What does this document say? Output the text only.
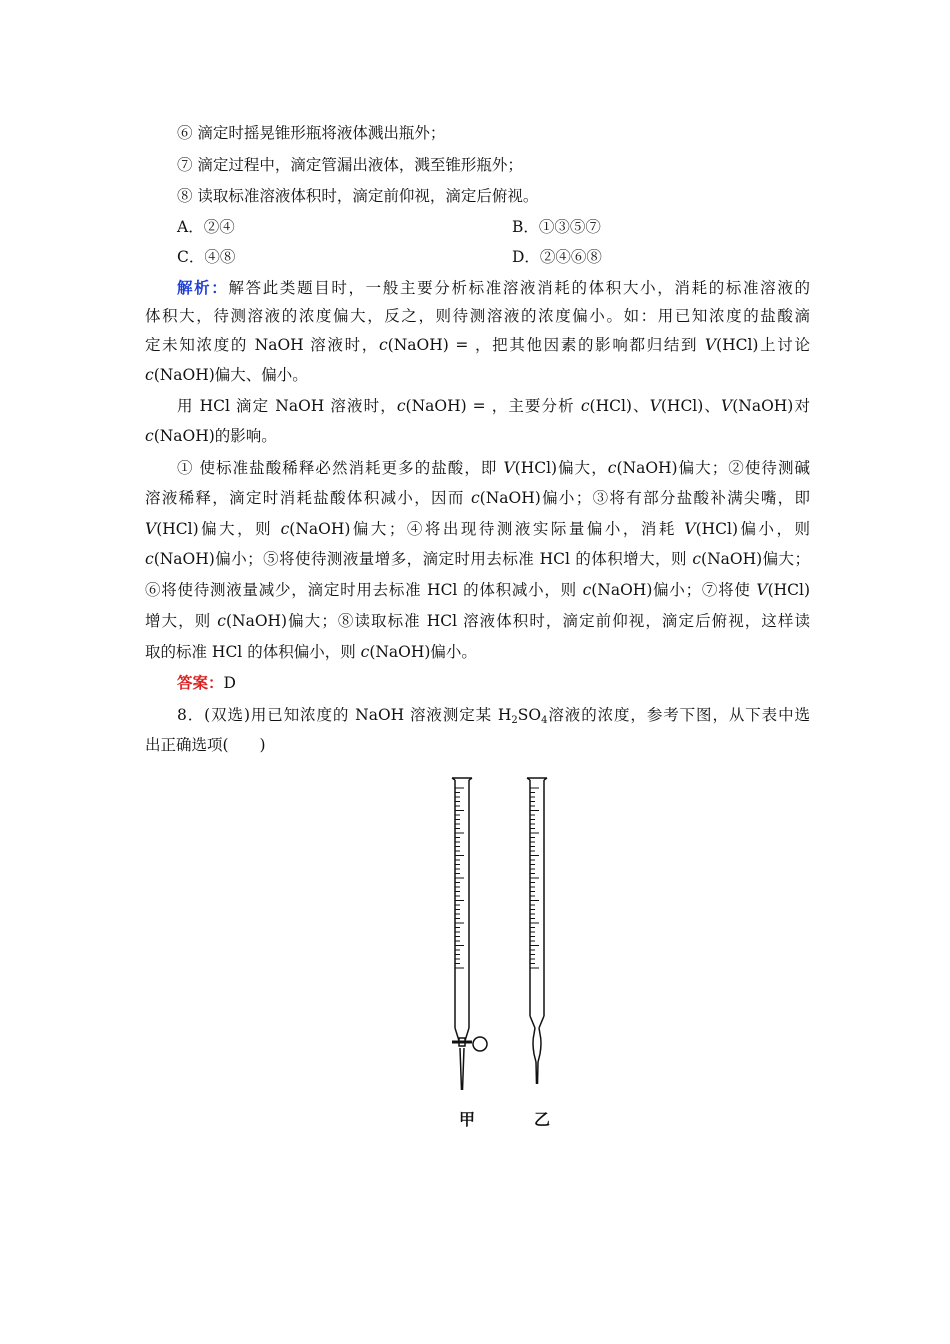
⑥ 滴定时摇晃锥形瓶将液体溅出瓶外；
⑦ 滴定过程中，滴定管漏出液体，溅至锥形瓶外；
⑧ 读取标准溶液体积时，滴定前仰视，滴定后俯视。
A．②④	B．①③⑤⑦
C．④⑧	D．②④⑥⑧
解析：解答此类题目时，一般主要分析标准溶液消耗的体积大小，消耗的标准溶液的
体积大，待测溶液的浓度偏大，反之，则待测溶液的浓度偏小。如：用已知浓度的盐酸滴
定未知浓度的 NaOH 溶液时，c(NaOH) = ，把其他因素的影响都归结到 V(HCl)上讨论
c(NaOH)偏大、偏小。
用 HCl 滴定 NaOH 溶液时，c(NaOH) = ，主要分析 c(HCl)、V(HCl)、V(NaOH)对
c(NaOH)的影响。
① 使标准盐酸稀释必然消耗更多的盐酸，即 V(HCl)偏大，c(NaOH)偏大；②使待测碱
溶液稀释，滴定时消耗盐酸体积减小，因而 c(NaOH)偏小；③将有部分盐酸补满尖嘴，即
V(HCl)偏大，则 c(NaOH)偏大；④将出现待测液实际量偏小，消耗 V(HCl)偏小，则
c(NaOH)偏小；⑤将使待测液量增多，滴定时用去标准 HCl 的体积增大，则 c(NaOH)偏大；
⑥将使待测液量减少，滴定时用去标准 HCl 的体积减小，则 c(NaOH)偏小；⑦将使 V(HCl)
增大，则 c(NaOH)偏大；⑧读取标准 HCl 溶液体积时，滴定前仰视，滴定后俯视，这样读
取的标准 HCl 的体积偏小，则 c(NaOH)偏小。
答案：D
8．(双选)用已知浓度的 NaOH 溶液测定某 $H_2SO_4$溶液的浓度，参考下图，从下表中选
出正确选项(　　)
甲	乙
